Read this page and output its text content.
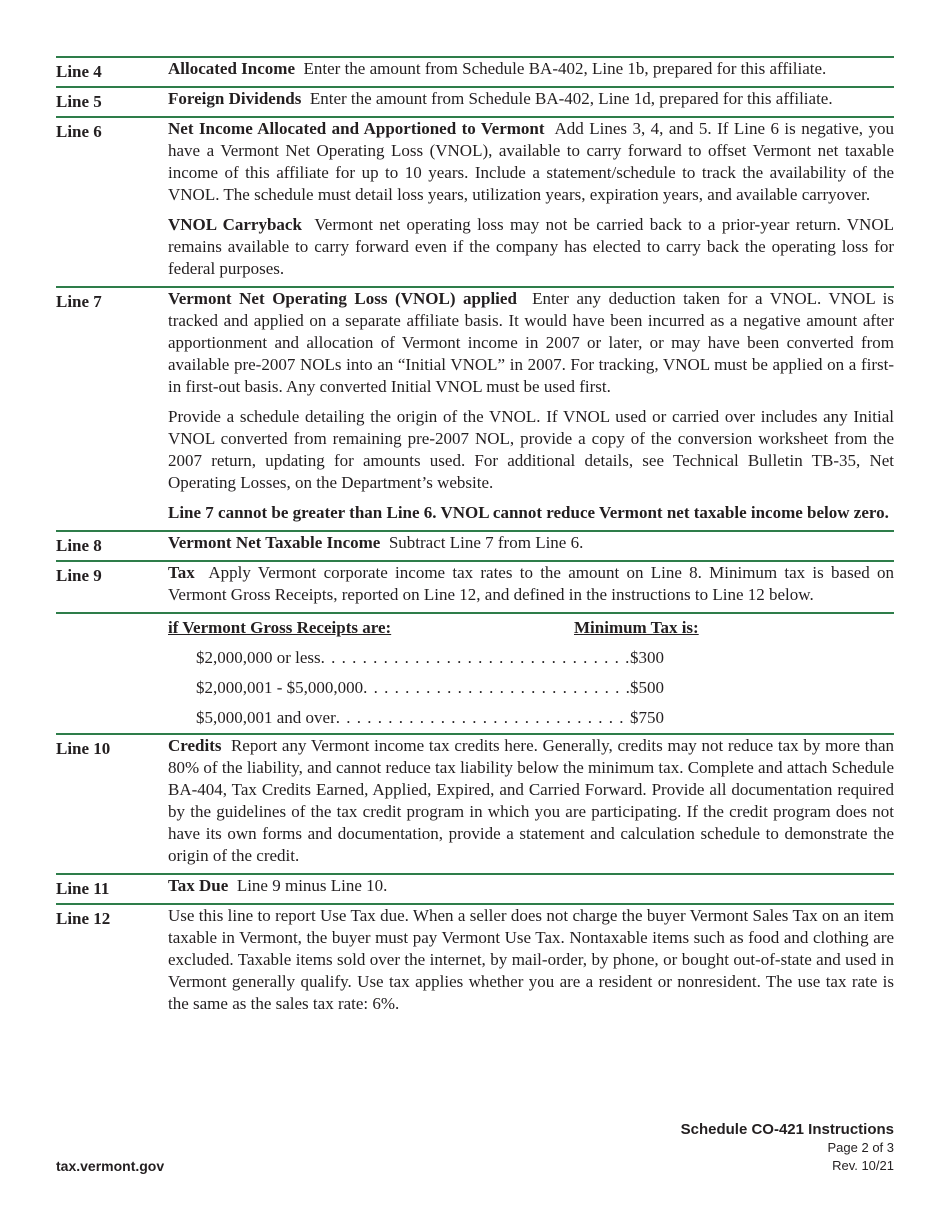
Line 4	Allocated Income Enter the amount from Schedule BA-402, Line 1b, prepared for this affiliate.

Line 5	Foreign Dividends Enter the amount from Schedule BA-402, Line 1d, prepared for this affiliate.

Line 6	Net Income Allocated and Apportioned to Vermont Add Lines 3, 4, and 5. If Line 6 is negative, you have a Vermont Net Operating Loss (VNOL), available to carry forward to offset Vermont net taxable income of this affiliate for up to 10 years. Include a statement/schedule to track the availability of the VNOL. The schedule must detail loss years, utilization years, expiration years, and available carryover.

VNOL Carryback Vermont net operating loss may not be carried back to a prior-year return. VNOL remains available to carry forward even if the company has elected to carry back the operating loss for federal purposes.

Line 7	Vermont Net Operating Loss (VNOL) applied Enter any deduction taken for a VNOL. VNOL is tracked and applied on a separate affiliate basis. It would have been incurred as a negative amount after apportionment and allocation of Vermont income in 2007 or later, or may have been converted from available pre-2007 NOLs into an “Initial VNOL” in 2007. For tracking, VNOL must be applied on a first-in first-out basis. Any converted Initial VNOL must be used first.

Provide a schedule detailing the origin of the VNOL. If VNOL used or carried over includes any Initial VNOL converted from remaining pre-2007 NOL, provide a copy of the conversion worksheet from the 2007 return, updating for amounts used. For additional details, see Technical Bulletin TB-35, Net Operating Losses, on the Department’s website.

Line 7 cannot be greater than Line 6. VNOL cannot reduce Vermont net taxable income below zero.

Line 8	Vermont Net Taxable Income Subtract Line 7 from Line 6.

Line 9	Tax Apply Vermont corporate income tax rates to the amount on Line 8. Minimum tax is based on Vermont Gross Receipts, reported on Line 12, and defined in the instructions to Line 12 below.

if Vermont Gross Receipts are:	Minimum Tax is:
$2,000,000 or less . . .	$300
$2,000,001 - $5,000,000 . . .	$500
$5,000,001 and over . . .	$750
Line 10	Credits Report any Vermont income tax credits here. Generally, credits may not reduce tax by more than 80% of the liability, and cannot reduce tax liability below the minimum tax. Complete and attach Schedule BA-404, Tax Credits Earned, Applied, Expired, and Carried Forward. Provide all documentation required by the guidelines of the tax credit program in which you are participating. If the credit program does not have its own forms and documentation, provide a statement and calculation schedule to demonstrate the origin of the credit.

Line 11	Tax Due Line 9 minus Line 10.

Line 12	Use this line to report Use Tax due. When a seller does not charge the buyer Vermont Sales Tax on an item taxable in Vermont, the buyer must pay Vermont Use Tax. Nontaxable items such as food and clothing are excluded. Taxable items sold over the internet, by mail-order, by phone, or bought out-of-state and used in Vermont generally qualify. Use tax applies whether you are a resident or nonresident. The use tax rate is the same as the sales tax rate: 6%.

tax.vermont.gov
Schedule CO-421 Instructions
Page 2 of 3
Rev. 10/21
